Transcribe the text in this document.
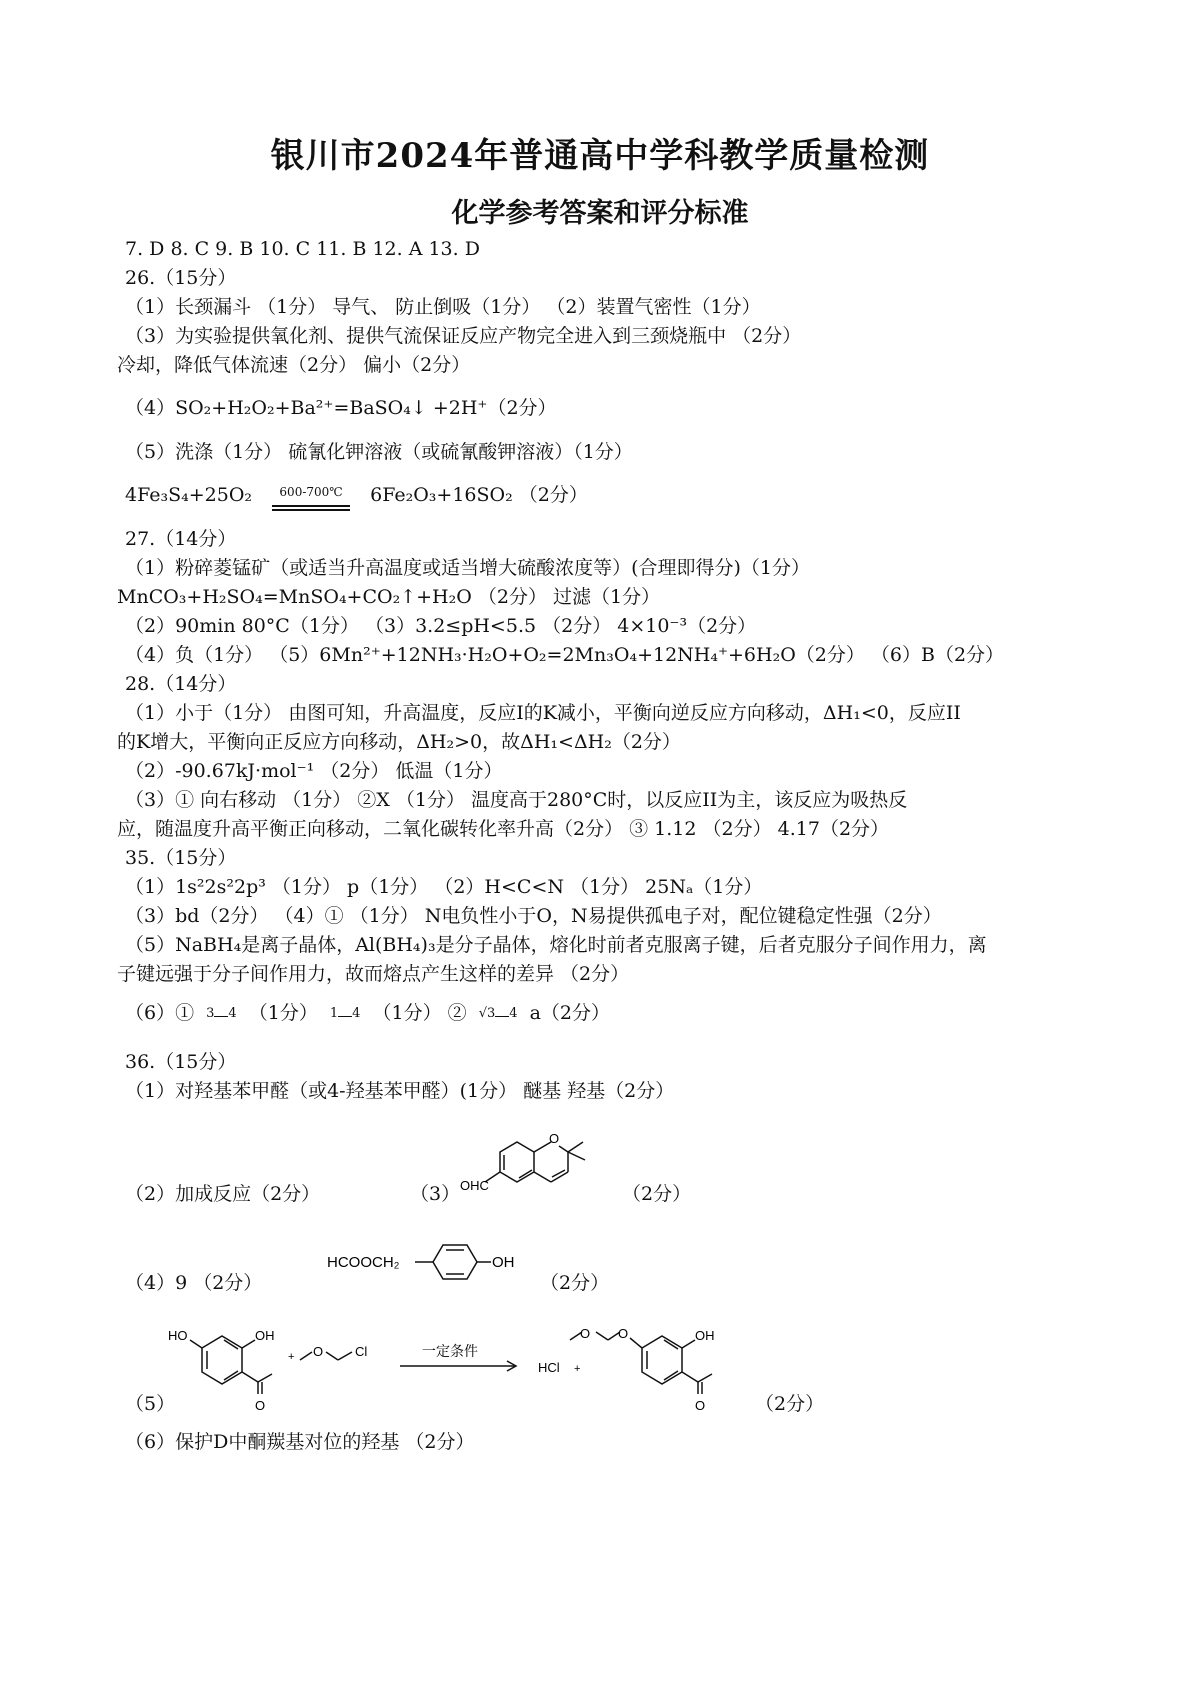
银川市2024年普通高中学科教学质量检测
化学参考答案和评分标准
7. D 8. C 9. B 10. C 11. B 12. A 13. D
26.（15分）
（1）长颈漏斗 （1分） 导气、 防止倒吸（1分） （2）装置气密性（1分）
（3）为实验提供氧化剂、提供气流保证反应产物完全进入到三颈烧瓶中 （2分）
冷却，降低气体流速（2分） 偏小（2分）
（4）SO₂+H₂O₂+Ba²⁺=BaSO₄↓ +2H⁺（2分）
（5）洗涤（1分） 硫氰化钾溶液（或硫氰酸钾溶液）（1分）
4Fe₃S₄+25O₂ 600-700℃ 6Fe₂O₃+16SO₂ （2分）
27.（14分）
（1）粉碎菱锰矿（或适当升高温度或适当增大硫酸浓度等）(合理即得分)（1分）
MnCO₃+H₂SO₄=MnSO₄+CO₂↑+H₂O （2分） 过滤（1分）
（2）90min 80°C（1分） （3）3.2≤pH<5.5 （2分） 4×10⁻³（2分）
（4）负（1分） （5）6Mn²⁺+12NH₃·H₂O+O₂=2Mn₃O₄+12NH₄⁺+6H₂O（2分） （6）B（2分）
28.（14分）
（1）小于（1分） 由图可知，升高温度，反应I的K减小，平衡向逆反应方向移动，ΔH₁<0，反应II
的K增大，平衡向正反应方向移动，ΔH₂>0，故ΔH₁<ΔH₂（2分）
（2）-90.67kJ·mol⁻¹ （2分） 低温（1分）
（3）① 向右移动 （1分） ②X （1分） 温度高于280°C时，以反应II为主，该反应为吸热反
应，随温度升高平衡正向移动，二氧化碳转化率升高（2分） ③ 1.12 （2分） 4.17（2分）
35.（15分）
（1）1s²2s²2p³ （1分） p（1分） （2）H<C<N （1分） 25Nₐ（1分）
（3）bd（2分） （4）① （1分） N电负性小于O，N易提供孤电子对，配位键稳定性强（2分）
（5）NaBH₄是离子晶体，Al(BH₄)₃是分子晶体，熔化时前者克服离子键，后者克服分子间作用力，离
子键远强于分子间作用力，故而熔点产生这样的差异 （2分）
（6）① 3 4 （1分） 1 4 （1分） ② √3 4 a（2分）
36.（15分）
（1）对羟基苯甲醛（或4-羟基苯甲醛）(1分） 醚基 羟基（2分）
（2）加成反应（2分）	（3）	（2分）
（4）9 （2分）	（2分）
（5）	（2分）
（6）保护D中酮羰基对位的羟基 （2分）
O
OHC
HCOOCH₂	OH
HO	OH
O
+ O Cl	一定条件
HCl +
O O	OH
O
